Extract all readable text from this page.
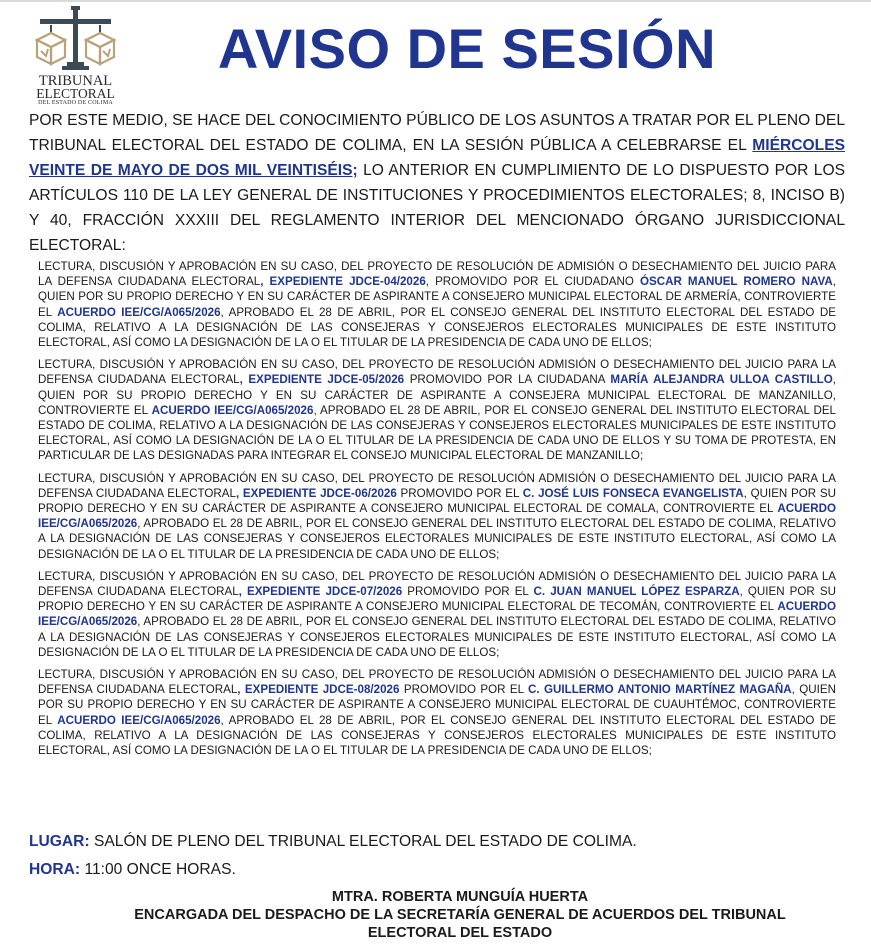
TRIBUNAL
ELECTORAL
DEL ESTADO DE COLIMA
AVISO DE SESIÓN
POR ESTE MEDIO, SE HACE DEL CONOCIMIENTO PÚBLICO DE LOS ASUNTOS A TRATAR POR EL PLENO DEL TRIBUNAL ELECTORAL DEL ESTADO DE COLIMA, EN LA SESIÓN PÚBLICA A CELEBRARSE EL MIÉRCOLES VEINTE DE MAYO DE DOS MIL VEINTISÉIS; LO ANTERIOR EN CUMPLIMIENTO DE LO DISPUESTO POR LOS ARTÍCULOS 110 DE LA LEY GENERAL DE INSTITUCIONES Y PROCEDIMIENTOS ELECTORALES; 8, INCISO B) Y 40, FRACCIÓN XXXIII DEL REGLAMENTO INTERIOR DEL MENCIONADO ÓRGANO JURISDICCIONAL ELECTORAL:

LECTURA, DISCUSIÓN Y APROBACIÓN EN SU CASO, DEL PROYECTO DE RESOLUCIÓN DE ADMISIÓN O DESECHAMIENTO DEL JUICIO PARA LA DEFENSA CIUDADANA ELECTORAL, EXPEDIENTE JDCE-04/2026, PROMOVIDO POR EL CIUDADANO ÓSCAR MANUEL ROMERO NAVA, QUIEN POR SU PROPIO DERECHO Y EN SU CARÁCTER DE ASPIRANTE A CONSEJERO MUNICIPAL ELECTORAL DE ARMERÍA, CONTROVIERTE EL ACUERDO IEE/CG/A065/2026, APROBADO EL 28 DE ABRIL, POR EL CONSEJO GENERAL DEL INSTITUTO ELECTORAL DEL ESTADO DE COLIMA, RELATIVO A LA DESIGNACIÓN DE LAS CONSEJERAS Y CONSEJEROS ELECTORALES MUNICIPALES DE ESTE INSTITUTO ELECTORAL, ASÍ COMO LA DESIGNACIÓN DE LA O EL TITULAR DE LA PRESIDENCIA DE CADA UNO DE ELLOS;

LECTURA, DISCUSIÓN Y APROBACIÓN EN SU CASO, DEL PROYECTO DE RESOLUCIÓN ADMISIÓN O DESECHAMIENTO DEL JUICIO PARA LA DEFENSA CIUDADANA ELECTORAL, EXPEDIENTE JDCE-05/2026 PROMOVIDO POR LA CIUDADANA MARÍA ALEJANDRA ULLOA CASTILLO, QUIEN POR SU PROPIO DERECHO Y EN SU CARÁCTER DE ASPIRANTE A CONSEJERA MUNICIPAL ELECTORAL DE MANZANILLO, CONTROVIERTE EL ACUERDO IEE/CG/A065/2026, APROBADO EL 28 DE ABRIL, POR EL CONSEJO GENERAL DEL INSTITUTO ELECTORAL DEL ESTADO DE COLIMA, RELATIVO A LA DESIGNACIÓN DE LAS CONSEJERAS Y CONSEJEROS ELECTORALES MUNICIPALES DE ESTE INSTITUTO ELECTORAL, ASÍ COMO LA DESIGNACIÓN DE LA O EL TITULAR DE LA PRESIDENCIA DE CADA UNO DE ELLOS Y SU TOMA DE PROTESTA, EN PARTICULAR DE LAS DESIGNADAS PARA INTEGRAR EL CONSEJO MUNICIPAL ELECTORAL DE MANZANILLO;

LECTURA, DISCUSIÓN Y APROBACIÓN EN SU CASO, DEL PROYECTO DE RESOLUCIÓN ADMISIÓN O DESECHAMIENTO DEL JUICIO PARA LA DEFENSA CIUDADANA ELECTORAL, EXPEDIENTE JDCE-06/2026 PROMOVIDO POR EL C. JOSÉ LUIS FONSECA EVANGELISTA, QUIEN POR SU PROPIO DERECHO Y EN SU CARÁCTER DE ASPIRANTE A CONSEJERO MUNICIPAL ELECTORAL DE COMALA, CONTROVIERTE EL ACUERDO IEE/CG/A065/2026, APROBADO EL 28 DE ABRIL, POR EL CONSEJO GENERAL DEL INSTITUTO ELECTORAL DEL ESTADO DE COLIMA, RELATIVO A LA DESIGNACIÓN DE LAS CONSEJERAS Y CONSEJEROS ELECTORALES MUNICIPALES DE ESTE INSTITUTO ELECTORAL, ASÍ COMO LA DESIGNACIÓN DE LA O EL TITULAR DE LA PRESIDENCIA DE CADA UNO DE ELLOS;

LECTURA, DISCUSIÓN Y APROBACIÓN EN SU CASO, DEL PROYECTO DE RESOLUCIÓN ADMISIÓN O DESECHAMIENTO DEL JUICIO PARA LA DEFENSA CIUDADANA ELECTORAL, EXPEDIENTE JDCE-07/2026 PROMOVIDO POR EL C. JUAN MANUEL LÓPEZ ESPARZA, QUIEN POR SU PROPIO DERECHO Y EN SU CARÁCTER DE ASPIRANTE A CONSEJERO MUNICIPAL ELECTORAL DE TECOMÁN, CONTROVIERTE EL ACUERDO IEE/CG/A065/2026, APROBADO EL 28 DE ABRIL, POR EL CONSEJO GENERAL DEL INSTITUTO ELECTORAL DEL ESTADO DE COLIMA, RELATIVO A LA DESIGNACIÓN DE LAS CONSEJERAS Y CONSEJEROS ELECTORALES MUNICIPALES DE ESTE INSTITUTO ELECTORAL, ASÍ COMO LA DESIGNACIÓN DE LA O EL TITULAR DE LA PRESIDENCIA DE CADA UNO DE ELLOS;

LECTURA, DISCUSIÓN Y APROBACIÓN EN SU CASO, DEL PROYECTO DE RESOLUCIÓN ADMISIÓN O DESECHAMIENTO DEL JUICIO PARA LA DEFENSA CIUDADANA ELECTORAL, EXPEDIENTE JDCE-08/2026 PROMOVIDO POR EL C. GUILLERMO ANTONIO MARTÍNEZ MAGAÑA, QUIEN POR SU PROPIO DERECHO Y EN SU CARÁCTER DE ASPIRANTE A CONSEJERO MUNICIPAL ELECTORAL DE CUAUHTÉMOC, CONTROVIERTE EL ACUERDO IEE/CG/A065/2026, APROBADO EL 28 DE ABRIL, POR EL CONSEJO GENERAL DEL INSTITUTO ELECTORAL DEL ESTADO DE COLIMA, RELATIVO A LA DESIGNACIÓN DE LAS CONSEJERAS Y CONSEJEROS ELECTORALES MUNICIPALES DE ESTE INSTITUTO ELECTORAL, ASÍ COMO LA DESIGNACIÓN DE LA O EL TITULAR DE LA PRESIDENCIA DE CADA UNO DE ELLOS;

LUGAR: SALÓN DE PLENO DEL TRIBUNAL ELECTORAL DEL ESTADO DE COLIMA.
HORA: 11:00 ONCE HORAS.
MTRA. ROBERTA MUNGUÍA HUERTA
ENCARGADA DEL DESPACHO DE LA SECRETARÍA GENERAL DE ACUERDOS DEL TRIBUNAL
ELECTORAL DEL ESTADO
